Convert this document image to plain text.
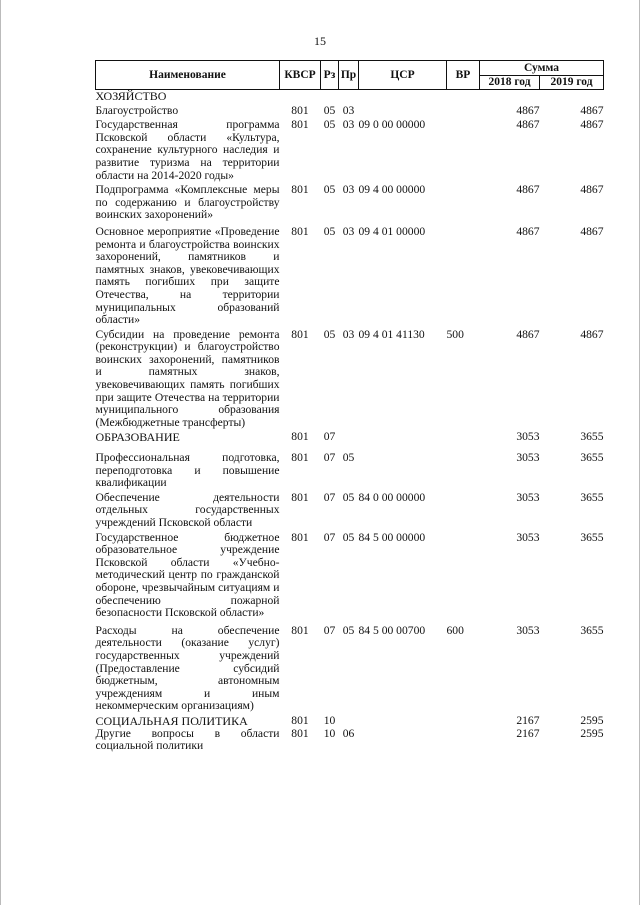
15
Наименование	КВСР	Рз	Пр	ЦСР	ВР	Сумма	
						2018 год	2019 год
ХОЗЯЙСТВО							
Благоустройство	801	05	03			4867	4867
Государственная программа Псковской области «Культура, сохранение культурного наследия и развитие туризма на территории области на 2014-2020 годы»	801	05	03	09 0 00 00000		4867	4867
Подпрограмма «Комплексные меры по содержанию и благоустройству воинских захоронений»	801	05	03	09 4 00 00000		4867	4867
Основное мероприятие «Проведение ремонта и благоустройства воинских захоронений, памятников и памятных знаков, увековечивающих память погибших при защите Отечества, на территории муниципальных образований области»	801	05	03	09 4 01 00000		4867	4867
Субсидии на проведение ремонта (реконструкции) и благоустройство воинских захоронений, памятников и памятных знаков, увековечивающих память погибших при защите Отечества на территории муниципального образования (Межбюджетные трансферты)	801	05	03	09 4 01 41130	500	4867	4867
ОБРАЗОВАНИЕ	801	07				3053	3655
Профессиональная подготовка, переподготовка и повышение квалификации	801	07	05			3053	3655
Обеспечение деятельности отдельных государственных учреждений Псковской области	801	07	05	84 0 00 00000		3053	3655
Государственное бюджетное образовательное учреждение Псковской области «Учебно-методический центр по гражданской обороне, чрезвычайным ситуациям и обеспечению пожарной безопасности Псковской области»	801	07	05	84 5 00 00000		3053	3655
Расходы на обеспечение деятельности (оказание услуг) государственных учреждений (Предоставление субсидий бюджетным, автономным учреждениям и иным некоммерческим организациям)	801	07	05	84 5 00 00700	600	3053	3655
СОЦИАЛЬНАЯ ПОЛИТИКА	801	10				2167	2595
Другие вопросы в области социальной политики	801	10	06			2167	2595
